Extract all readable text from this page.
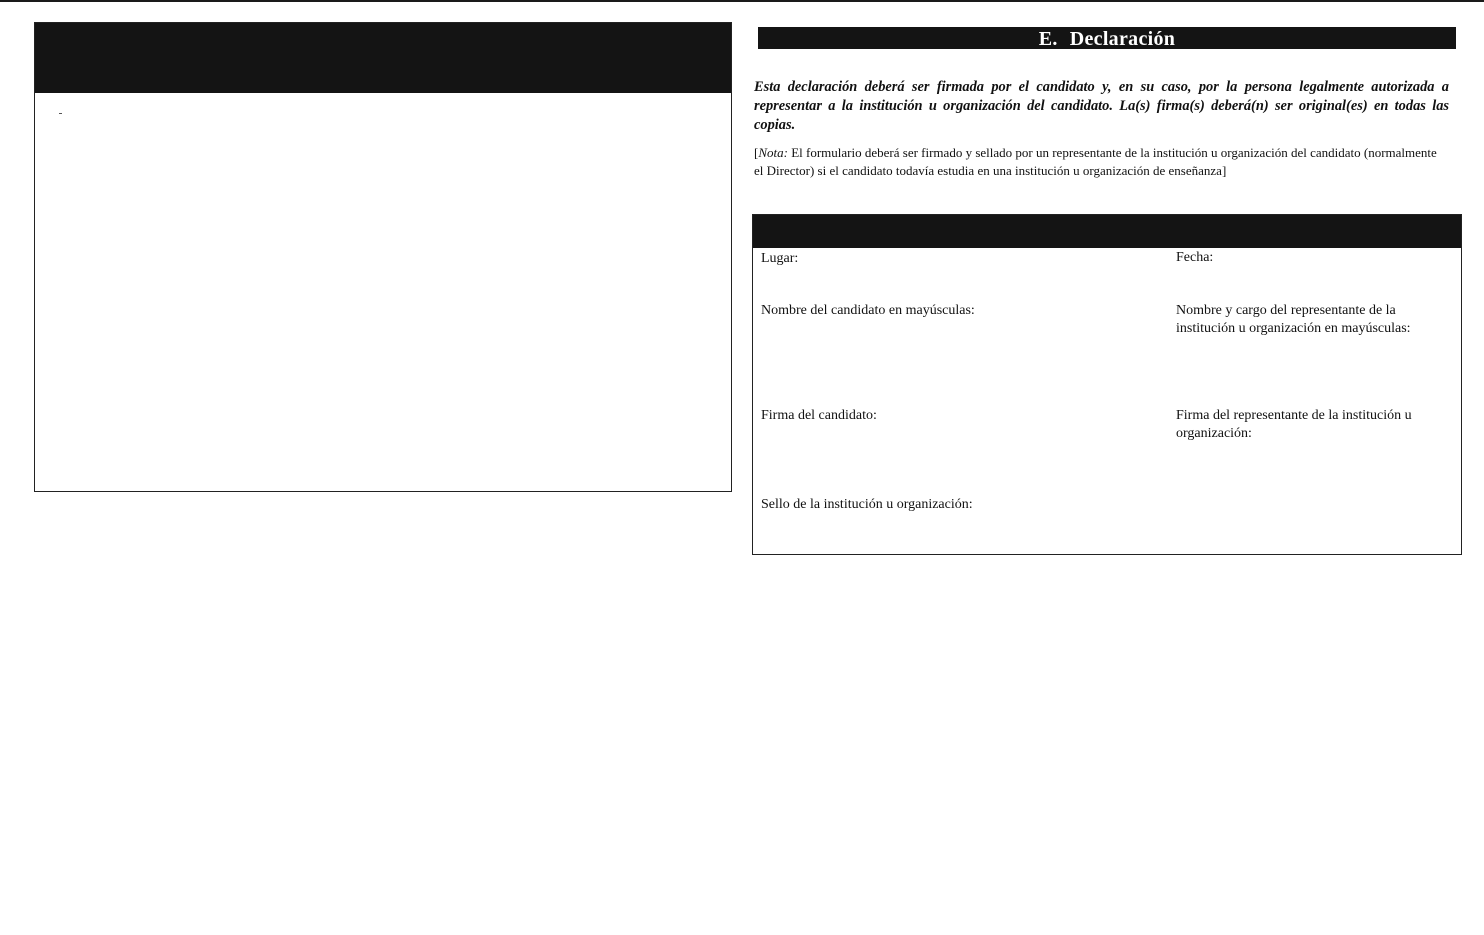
E. Declaración
Esta declaración deberá ser firmada por el candidato y, en su caso, por la persona legalmente autorizada a representar a la institución u organización del candidato. La(s) firma(s) deberá(n) ser original(es) en todas las copias.
[Nota: El formulario deberá ser firmado y sellado por un representante de la institución u organización del candidato (normalmente el Director) si el candidato todavía estudia en una institución u organización de enseñanza]
Lugar:	Fecha:
Nombre del candidato en mayúsculas:	Nombre y cargo del representante de la institución u organización en mayúsculas:
Firma del candidato:	Firma del representante de la institución u organización:
Sello de la institución u organización:
